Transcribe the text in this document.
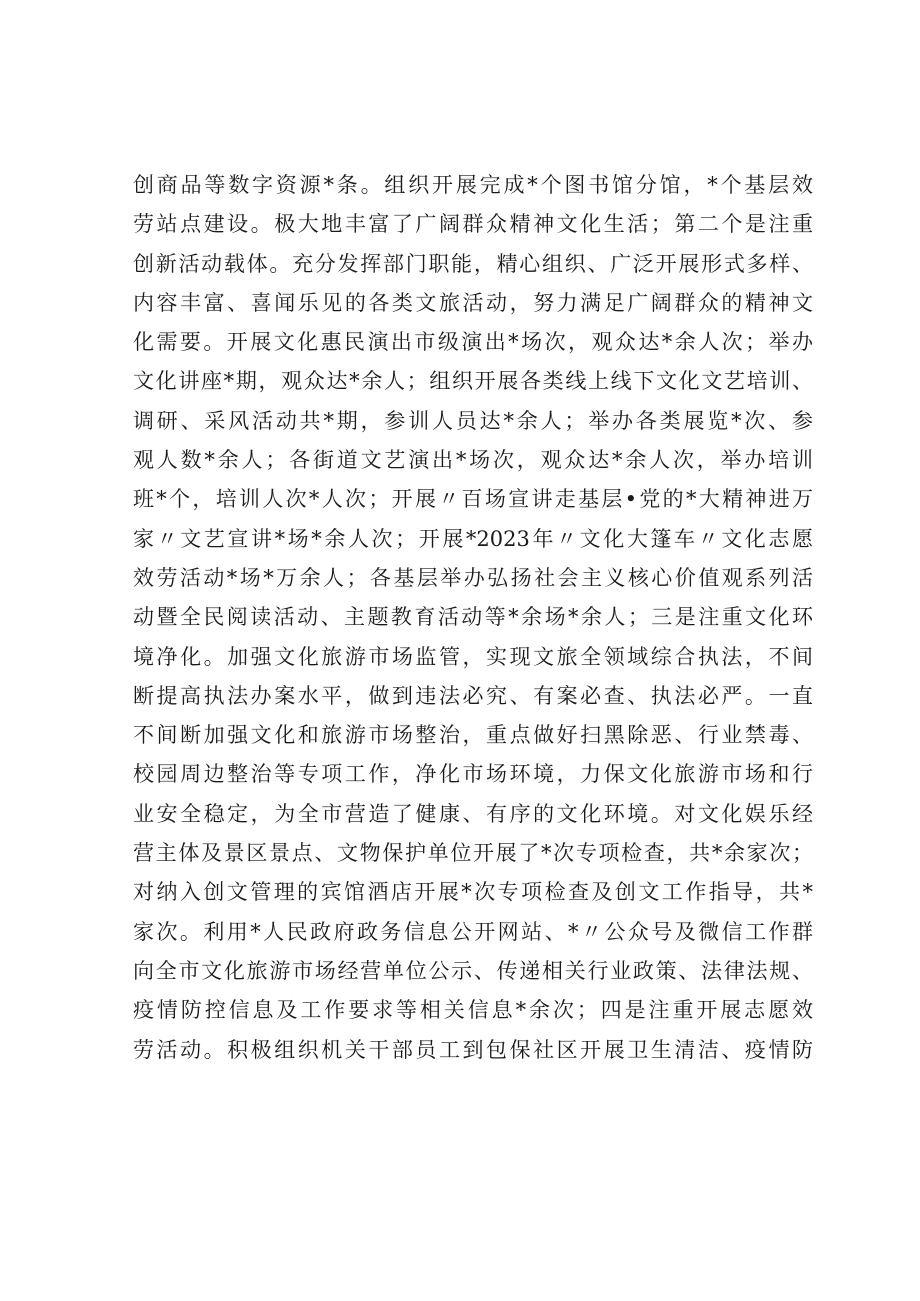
创商品等数字资源*条。组织开展完成*个图书馆分馆，*个基层效
劳站点建设。极大地丰富了广阔群众精神文化生活；第二个是注重
创新活动载体。充分发挥部门职能，精心组织、广泛开展形式多样、
内容丰富、喜闻乐见的各类文旅活动，努力满足广阔群众的精神文
化需要。开展文化惠民演出市级演出*场次，观众达*余人次；举办
文化讲座*期，观众达*余人；组织开展各类线上线下文化文艺培训、
调研、采风活动共*期，参训人员达*余人；举办各类展览*次、参
观人数*余人；各街道文艺演出*场次，观众达*余人次，举办培训
班*个，培训人次*人次；开展〃百场宣讲走基层•党的*大精神进万
家〃文艺宣讲*场*余人次；开展*2023年〃文化大篷车〃文化志愿
效劳活动*场*万余人；各基层举办弘扬社会主义核心价值观系列活
动暨全民阅读活动、主题教育活动等*余场*余人；三是注重文化环
境净化。加强文化旅游市场监管，实现文旅全领域综合执法，不间
断提高执法办案水平，做到违法必究、有案必查、执法必严。一直
不间断加强文化和旅游市场整治，重点做好扫黑除恶、行业禁毒、
校园周边整治等专项工作，净化市场环境，力保文化旅游市场和行
业安全稳定，为全市营造了健康、有序的文化环境。对文化娱乐经
营主体及景区景点、文物保护单位开展了*次专项检查，共*余家次；
对纳入创文管理的宾馆酒店开展*次专项检查及创文工作指导，共*
家次。利用*人民政府政务信息公开网站、*〃公众号及微信工作群
向全市文化旅游市场经营单位公示、传递相关行业政策、法律法规、
疫情防控信息及工作要求等相关信息*余次；四是注重开展志愿效
劳活动。积极组织机关干部员工到包保社区开展卫生清洁、疫情防
